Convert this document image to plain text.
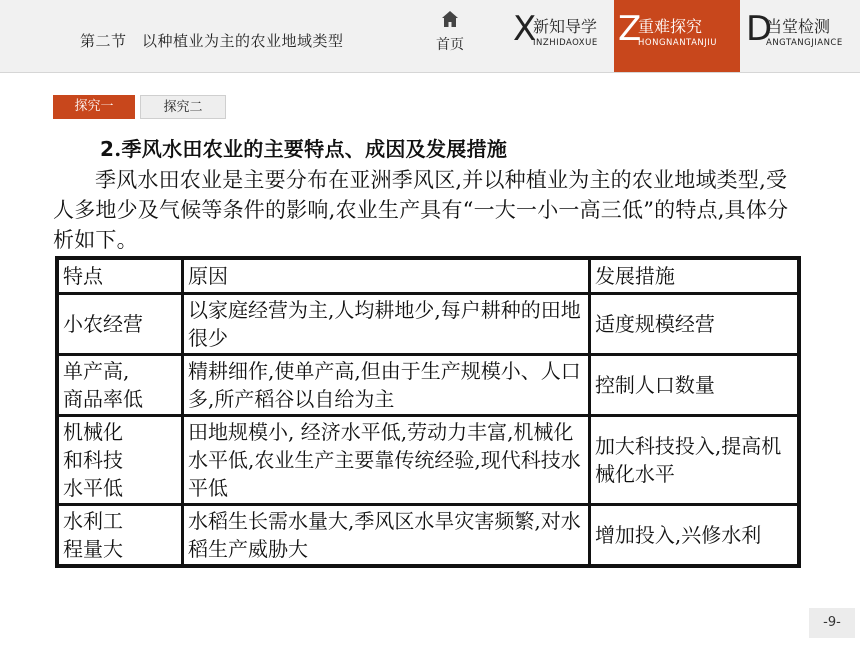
第二节　以种植业为主的农业地域类型	首页	X
新知导学
INZHIDAOXUE Z
重难探究
HONGNANTANJIU D
当堂检测
ANGTANGJIANCE
探究一	探究二
2.季风水田农业的主要特点、成因及发展措施
季风水田农业是主要分布在亚洲季风区,并以种植业为主的农业地域类型,受人多地少及气候等条件的影响,农业生产具有“一大一小一高三低”的特点,具体分析如下。
特点	原因	发展措施
小农经营	以家庭经营为主,人均耕地少,每户耕种的田地很少	适度规模经营
单产高,
商品率低	精耕细作,使单产高,但由于生产规模小、人口多,所产稻谷以自给为主	控制人口数量
机械化
和科技
水平低	田地规模小, 经济水平低,劳动力丰富,机械化水平低,农业生产主要靠传统经验,现代科技水平低	加大科技投入,提高机械化水平
水利工
程量大	水稻生长需水量大,季风区水旱灾害频繁,对水稻生产威胁大	增加投入,兴修水利
-9-
